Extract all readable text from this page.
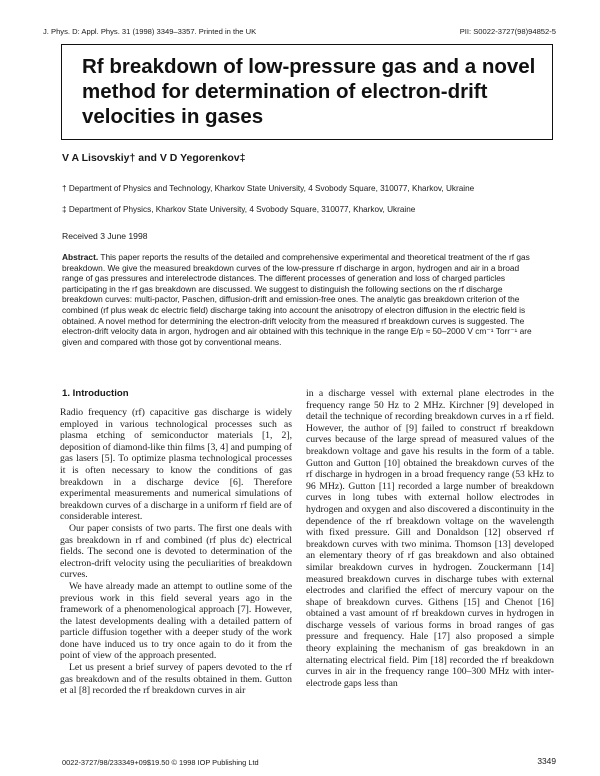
J. Phys. D: Appl. Phys. 31 (1998) 3349–3357. Printed in the UK	PII: S0022-3727(98)94852-5
Rf breakdown of low-pressure gas and a novel method for determination of electron-drift velocities in gases
V A Lisovskiy† and V D Yegorenkov‡
† Department of Physics and Technology, Kharkov State University, 4 Svobody Square, 310077, Kharkov, Ukraine
‡ Department of Physics, Kharkov State University, 4 Svobody Square, 310077, Kharkov, Ukraine
Received 3 June 1998
Abstract. This paper reports the results of the detailed and comprehensive experimental and theoretical treatment of the rf gas breakdown. We give the measured breakdown curves of the low-pressure rf discharge in argon, hydrogen and air in a broad range of gas pressures and interelectrode distances. The different processes of generation and loss of charged particles participating in the rf gas breakdown are discussed. We suggest to distinguish the following sections on the rf discharge breakdown curves: multi-pactor, Paschen, diffusion-drift and emission-free ones. The analytic gas breakdown criterion of the combined (rf plus weak dc electric field) discharge taking into account the anisotropy of electron diffusion in the electric field is obtained. A novel method for determining the electron-drift velocity from the measured rf breakdown curves is suggested. The electron-drift velocity data in argon, hydrogen and air obtained with this technique in the range E/p ≈ 50–2000 V cm⁻¹ Torr⁻¹ are given and compared with those got by conventional means.
1. Introduction

Radio frequency (rf) capacitive gas discharge is widely employed in various technological processes such as plasma etching of semiconductor materials [1, 2], deposition of diamond-like thin films [3, 4] and pumping of gas lasers [5]. To optimize plasma technological processes it is often necessary to know the conditions of gas breakdown in a discharge device [6]. Therefore experimental measurements and numerical simulations of breakdown curves of a discharge in a uniform rf field are of considerable interest.

Our paper consists of two parts. The first one deals with gas breakdown in rf and combined (rf plus dc) electrical fields. The second one is devoted to determination of the electron-drift velocity using the peculiarities of breakdown curves.

We have already made an attempt to outline some of the previous work in this field several years ago in the framework of a phenomenological approach [7]. However, the latest developments dealing with a detailed pattern of particle diffusion together with a deeper study of the work done have induced us to try once again to do it from the point of view of the approach presented.

Let us present a brief survey of papers devoted to the rf gas breakdown and of the results obtained in them. Gutton et al [8] recorded the rf breakdown curves in air

in a discharge vessel with external plane electrodes in the frequency range 50 Hz to 2 MHz. Kirchner [9] developed in detail the technique of recording breakdown curves in a rf field. However, the author of [9] failed to construct rf breakdown curves because of the large spread of measured values of the breakdown voltage and gave his results in the form of a table. Gutton and Gutton [10] obtained the breakdown curves of the rf discharge in hydrogen in a broad frequency range (53 kHz to 96 MHz). Gutton [11] recorded a large number of breakdown curves in long tubes with external hollow electrodes in hydrogen and oxygen and also discovered a discontinuity in the dependence of the rf breakdown voltage on the wavelength with fixed pressure. Gill and Donaldson [12] observed rf breakdown curves with two minima. Thomson [13] developed an elementary theory of rf gas breakdown and also obtained similar breakdown curves in hydrogen. Zouckermann [14] measured breakdown curves in discharge tubes with external electrodes and clarified the effect of mercury vapour on the shape of breakdown curves. Githens [15] and Chenot [16] obtained a vast amount of rf breakdown curves in hydrogen in discharge vessels of various forms in broad ranges of gas pressure and frequency. Hale [17] also proposed a simple theory explaining the mechanism of gas breakdown in an alternating electrical field. Pim [18] recorded the rf breakdown curves in air in the frequency range 100–300 MHz with inter-electrode gaps less than

0022-3727/98/233349+09$19.50 © 1998 IOP Publishing Ltd	3349
